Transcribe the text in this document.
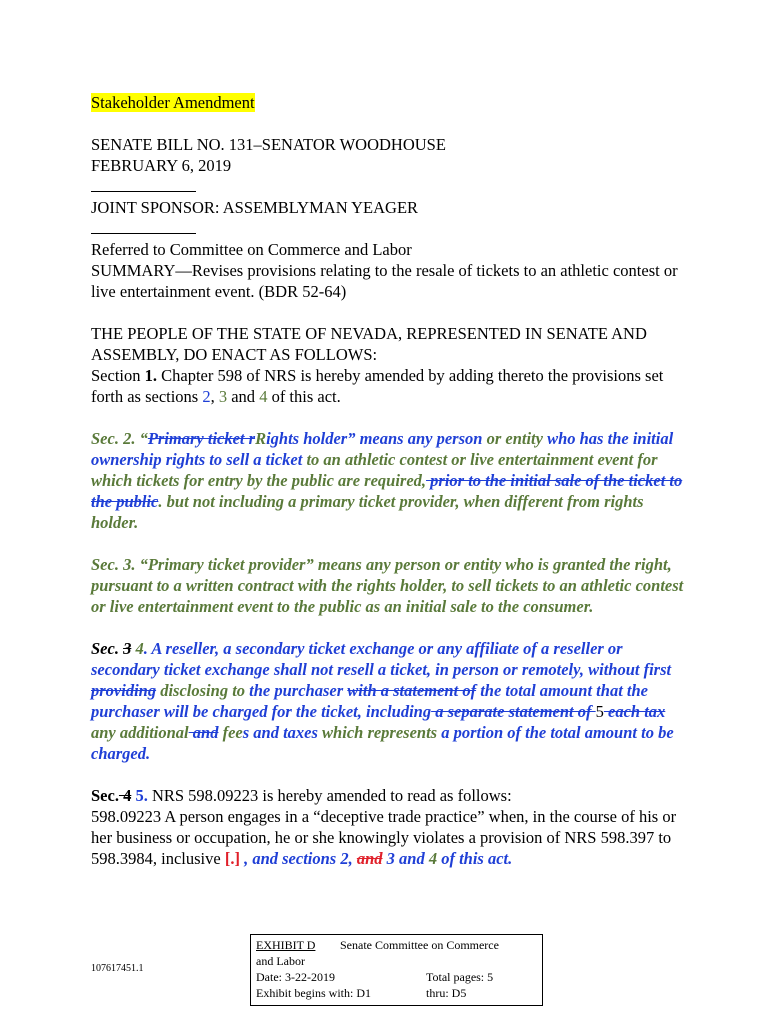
Stakeholder Amendment

SENATE BILL NO. 131–SENATOR WOODHOUSE

FEBRUARY 6, 2019

JOINT SPONSOR: ASSEMBLYMAN YEAGER

Referred to Committee on Commerce and Labor

SUMMARY—Revises provisions relating to the resale of tickets to an athletic contest or live entertainment event. (BDR 52-64)

THE PEOPLE OF THE STATE OF NEVADA, REPRESENTED IN SENATE AND ASSEMBLY, DO ENACT AS FOLLOWS:

Section 1. Chapter 598 of NRS is hereby amended by adding thereto the provisions set forth as sections 2, 3 and 4 of this act.

Sec. 2. “Primary ticket rRights holder” means any person or entity who has the initial ownership rights to sell a ticket to an athletic contest or live entertainment event for which tickets for entry by the public are required, prior to the initial sale of the ticket to the public. but not including a primary ticket provider, when different from rights holder.

Sec. 3. “Primary ticket provider” means any person or entity who is granted the right, pursuant to a written contract with the rights holder, to sell tickets to an athletic contest or live entertainment event to the public as an initial sale to the consumer.

Sec. 3 4. A reseller, a secondary ticket exchange or any affiliate of a reseller or secondary ticket exchange shall not resell a ticket, in person or remotely, without first providing disclosing to the purchaser with a statement of the total amount that the purchaser will be charged for the ticket, including a separate statement of 5 each tax any additional and fees and taxes which represents a portion of the total amount to be charged.

Sec. 4 5. NRS 598.09223 is hereby amended to read as follows:

598.09223 A person engages in a “deceptive trade practice” when, in the course of his or her business or occupation, he or she knowingly violates a provision of NRS 598.397 to 598.3984, inclusive [.] , and sections 2, and 3 and 4 of this act.

107617451.1
EXHIBIT D	Senate Committee on Commerce
and Labor
Date: 3-22-2019	Total pages: 5
Exhibit begins with: D1	thru: D5
